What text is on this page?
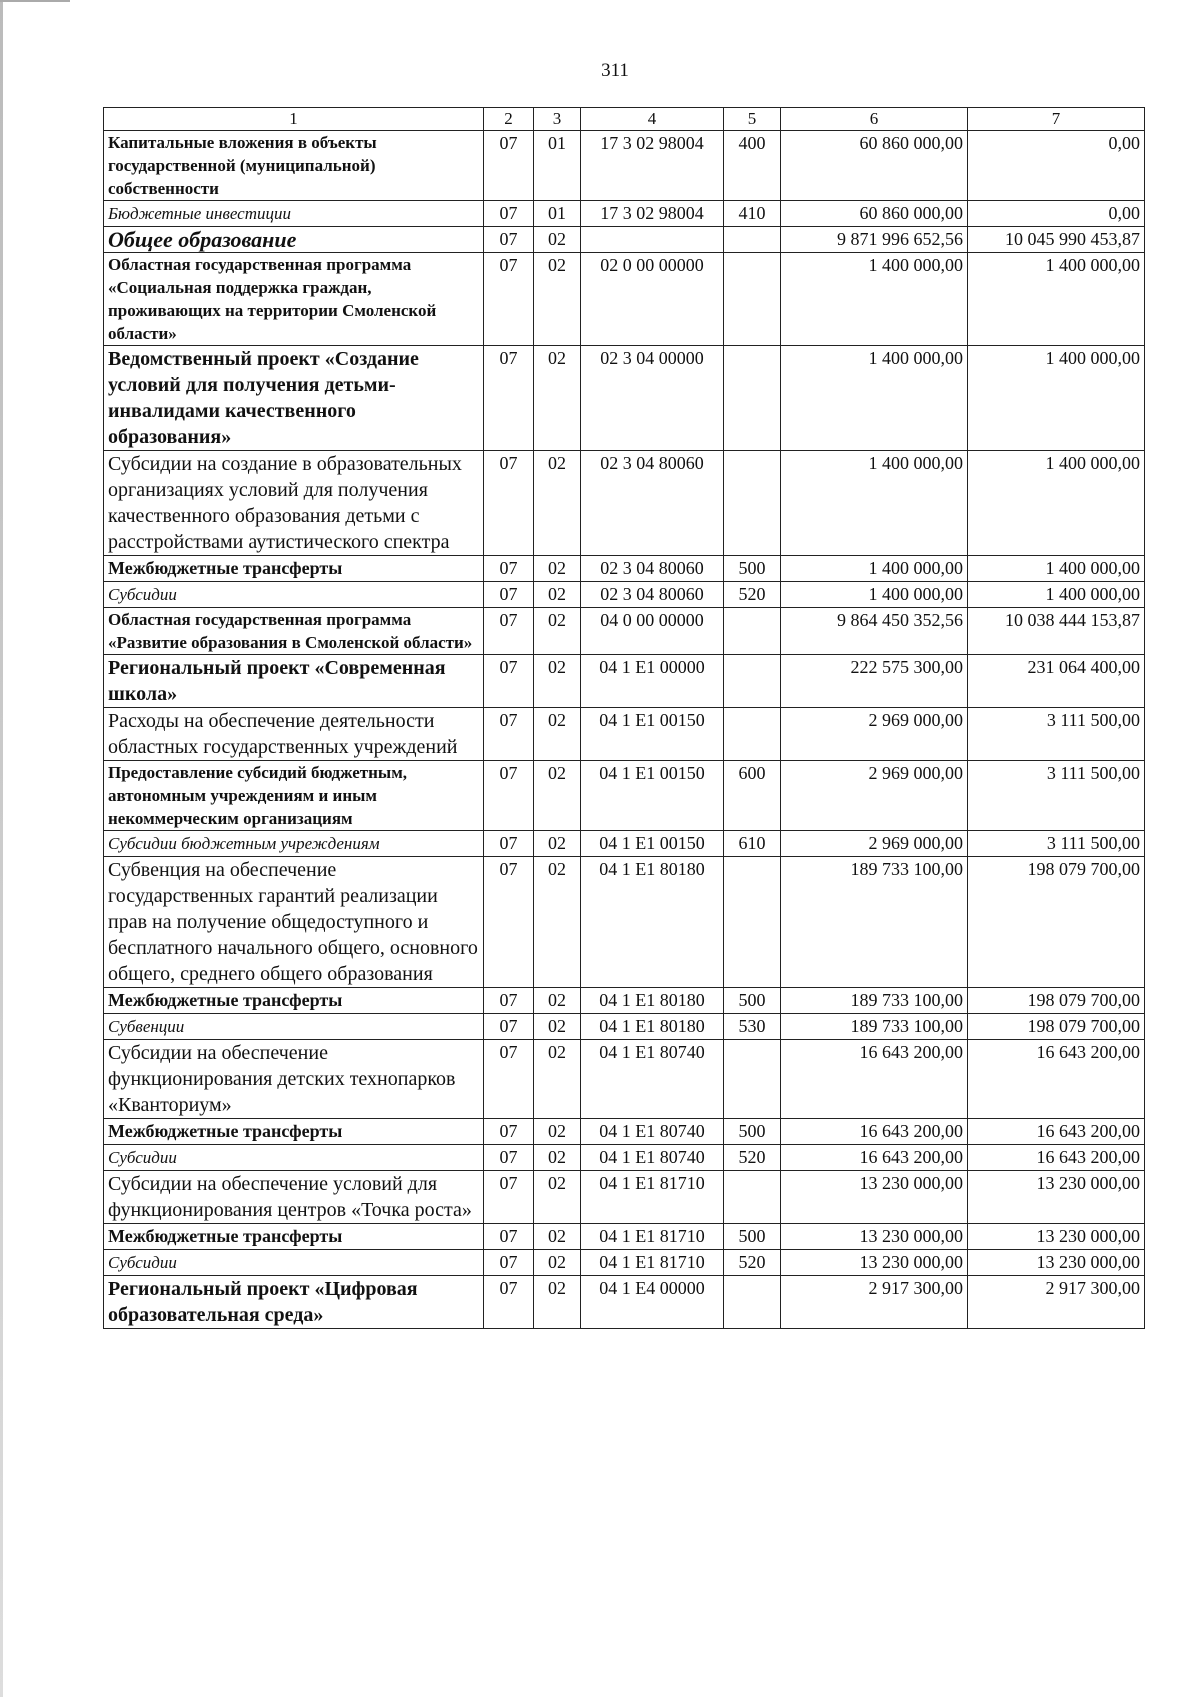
311
1	2	3	4	5	6	7
Капитальные вложения в объекты государственной (муниципальной) собственности	07	01	17 3 02 98004	400	60 860 000,00	0,00
Бюджетные инвестиции	07	01	17 3 02 98004	410	60 860 000,00	0,00
Общее образование	07	02			9 871 996 652,56	10 045 990 453,87
Областная государственная программа «Социальная поддержка граждан, проживающих на территории Смоленской области»	07	02	02 0 00 00000		1 400 000,00	1 400 000,00
Ведомственный проект «Создание условий для получения детьми-инвалидами качественного образования»	07	02	02 3 04 00000		1 400 000,00	1 400 000,00
Субсидии на создание в образовательных организациях условий для получения качественного образования детьми с расстройствами аутистического спектра	07	02	02 3 04 80060		1 400 000,00	1 400 000,00
Межбюджетные трансферты	07	02	02 3 04 80060	500	1 400 000,00	1 400 000,00
Субсидии	07	02	02 3 04 80060	520	1 400 000,00	1 400 000,00
Областная государственная программа «Развитие образования в Смоленской области»	07	02	04 0 00 00000		9 864 450 352,56	10 038 444 153,87
Региональный проект «Современная школа»	07	02	04 1 E1 00000		222 575 300,00	231 064 400,00
Расходы на обеспечение деятельности областных государственных учреждений	07	02	04 1 E1 00150		2 969 000,00	3 111 500,00
Предоставление субсидий бюджетным, автономным учреждениям и иным некоммерческим организациям	07	02	04 1 E1 00150	600	2 969 000,00	3 111 500,00
Субсидии бюджетным учреждениям	07	02	04 1 E1 00150	610	2 969 000,00	3 111 500,00
Субвенция на обеспечение государственных гарантий реализации прав на получение общедоступного и бесплатного начального общего, основного общего, среднего общего образования	07	02	04 1 E1 80180		189 733 100,00	198 079 700,00
Межбюджетные трансферты	07	02	04 1 E1 80180	500	189 733 100,00	198 079 700,00
Субвенции	07	02	04 1 E1 80180	530	189 733 100,00	198 079 700,00
Субсидии на обеспечение функционирования детских технопарков «Кванториум»	07	02	04 1 E1 80740		16 643 200,00	16 643 200,00
Межбюджетные трансферты	07	02	04 1 E1 80740	500	16 643 200,00	16 643 200,00
Субсидии	07	02	04 1 E1 80740	520	16 643 200,00	16 643 200,00
Субсидии на обеспечение условий для функционирования центров «Точка роста»	07	02	04 1 E1 81710		13 230 000,00	13 230 000,00
Межбюджетные трансферты	07	02	04 1 E1 81710	500	13 230 000,00	13 230 000,00
Субсидии	07	02	04 1 E1 81710	520	13 230 000,00	13 230 000,00
Региональный проект «Цифровая образовательная среда»	07	02	04 1 E4 00000		2 917 300,00	2 917 300,00
